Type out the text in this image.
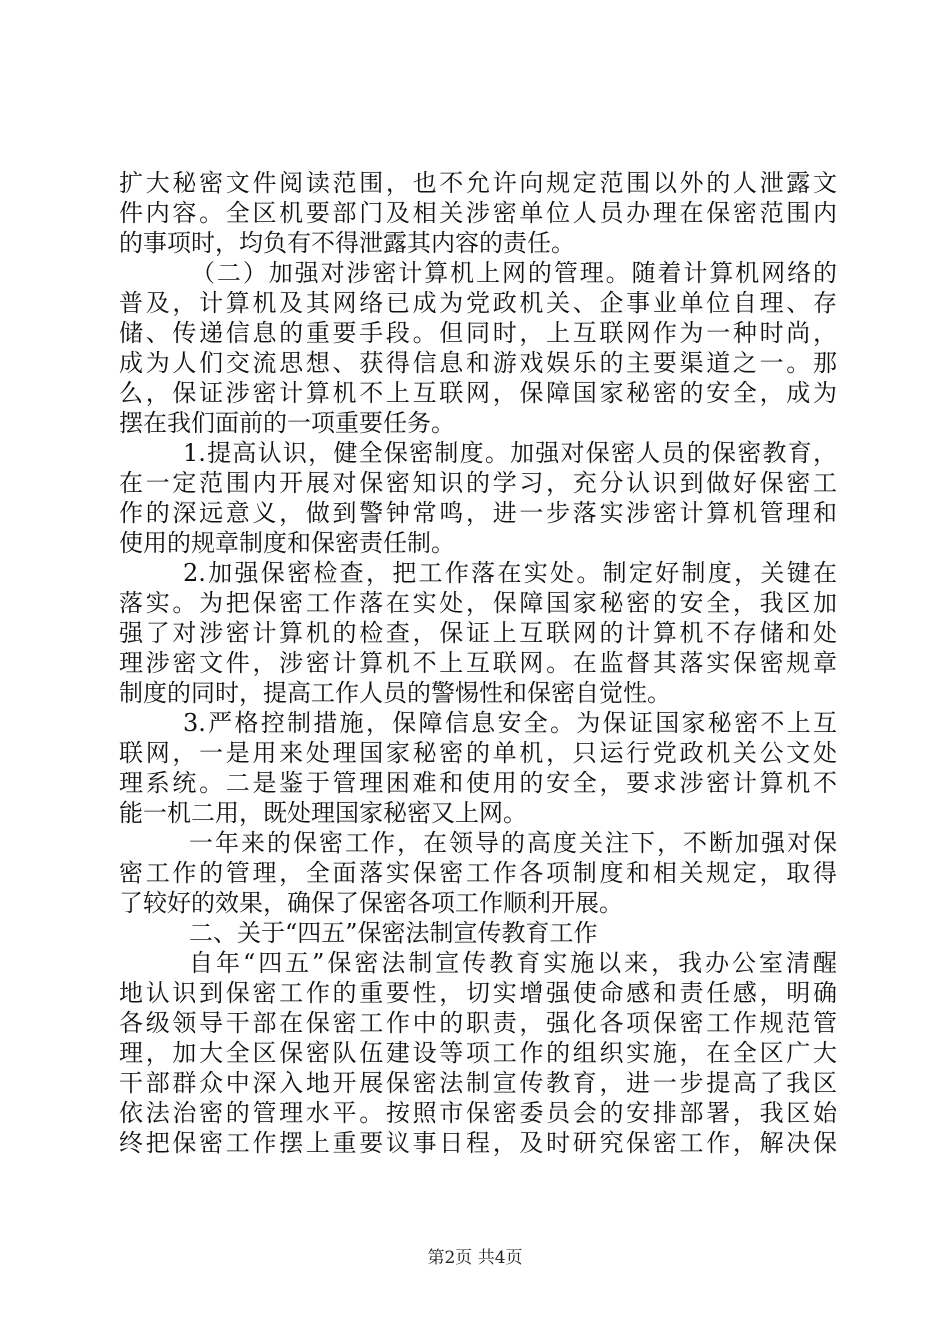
扩大秘密文件阅读范围，也不允许向规定范围以外的人泄露文
件内容。全区机要部门及相关涉密单位人员办理在保密范围内
的事项时，均负有不得泄露其内容的责任。
（二）加强对涉密计算机上网的管理。随着计算机网络的
普及，计算机及其网络已成为党政机关、企事业单位自理、存
储、传递信息的重要手段。但同时，上互联网作为一种时尚，
成为人们交流思想、获得信息和游戏娱乐的主要渠道之一。那
么，保证涉密计算机不上互联网，保障国家秘密的安全，成为
摆在我们面前的一项重要任务。
1.提高认识，健全保密制度。加强对保密人员的保密教育，
在一定范围内开展对保密知识的学习，充分认识到做好保密工
作的深远意义，做到警钟常鸣，进一步落实涉密计算机管理和
使用的规章制度和保密责任制。
2.加强保密检查，把工作落在实处。制定好制度，关键在
落实。为把保密工作落在实处，保障国家秘密的安全，我区加
强了对涉密计算机的检查，保证上互联网的计算机不存储和处
理涉密文件，涉密计算机不上互联网。在监督其落实保密规章
制度的同时，提高工作人员的警惕性和保密自觉性。
3.严格控制措施，保障信息安全。为保证国家秘密不上互
联网，一是用来处理国家秘密的单机，只运行党政机关公文处
理系统。二是鉴于管理困难和使用的安全，要求涉密计算机不
能一机二用，既处理国家秘密又上网。
一年来的保密工作，在领导的高度关注下，不断加强对保
密工作的管理，全面落实保密工作各项制度和相关规定，取得
了较好的效果，确保了保密各项工作顺利开展。
二、关于“四五”保密法制宣传教育工作
自年“四五”保密法制宣传教育实施以来，我办公室清醒
地认识到保密工作的重要性，切实增强使命感和责任感，明确
各级领导干部在保密工作中的职责，强化各项保密工作规范管
理，加大全区保密队伍建设等项工作的组织实施，在全区广大
干部群众中深入地开展保密法制宣传教育，进一步提高了我区
依法治密的管理水平。按照市保密委员会的安排部署，我区始
终把保密工作摆上重要议事日程，及时研究保密工作，解决保
第2页 共4页
